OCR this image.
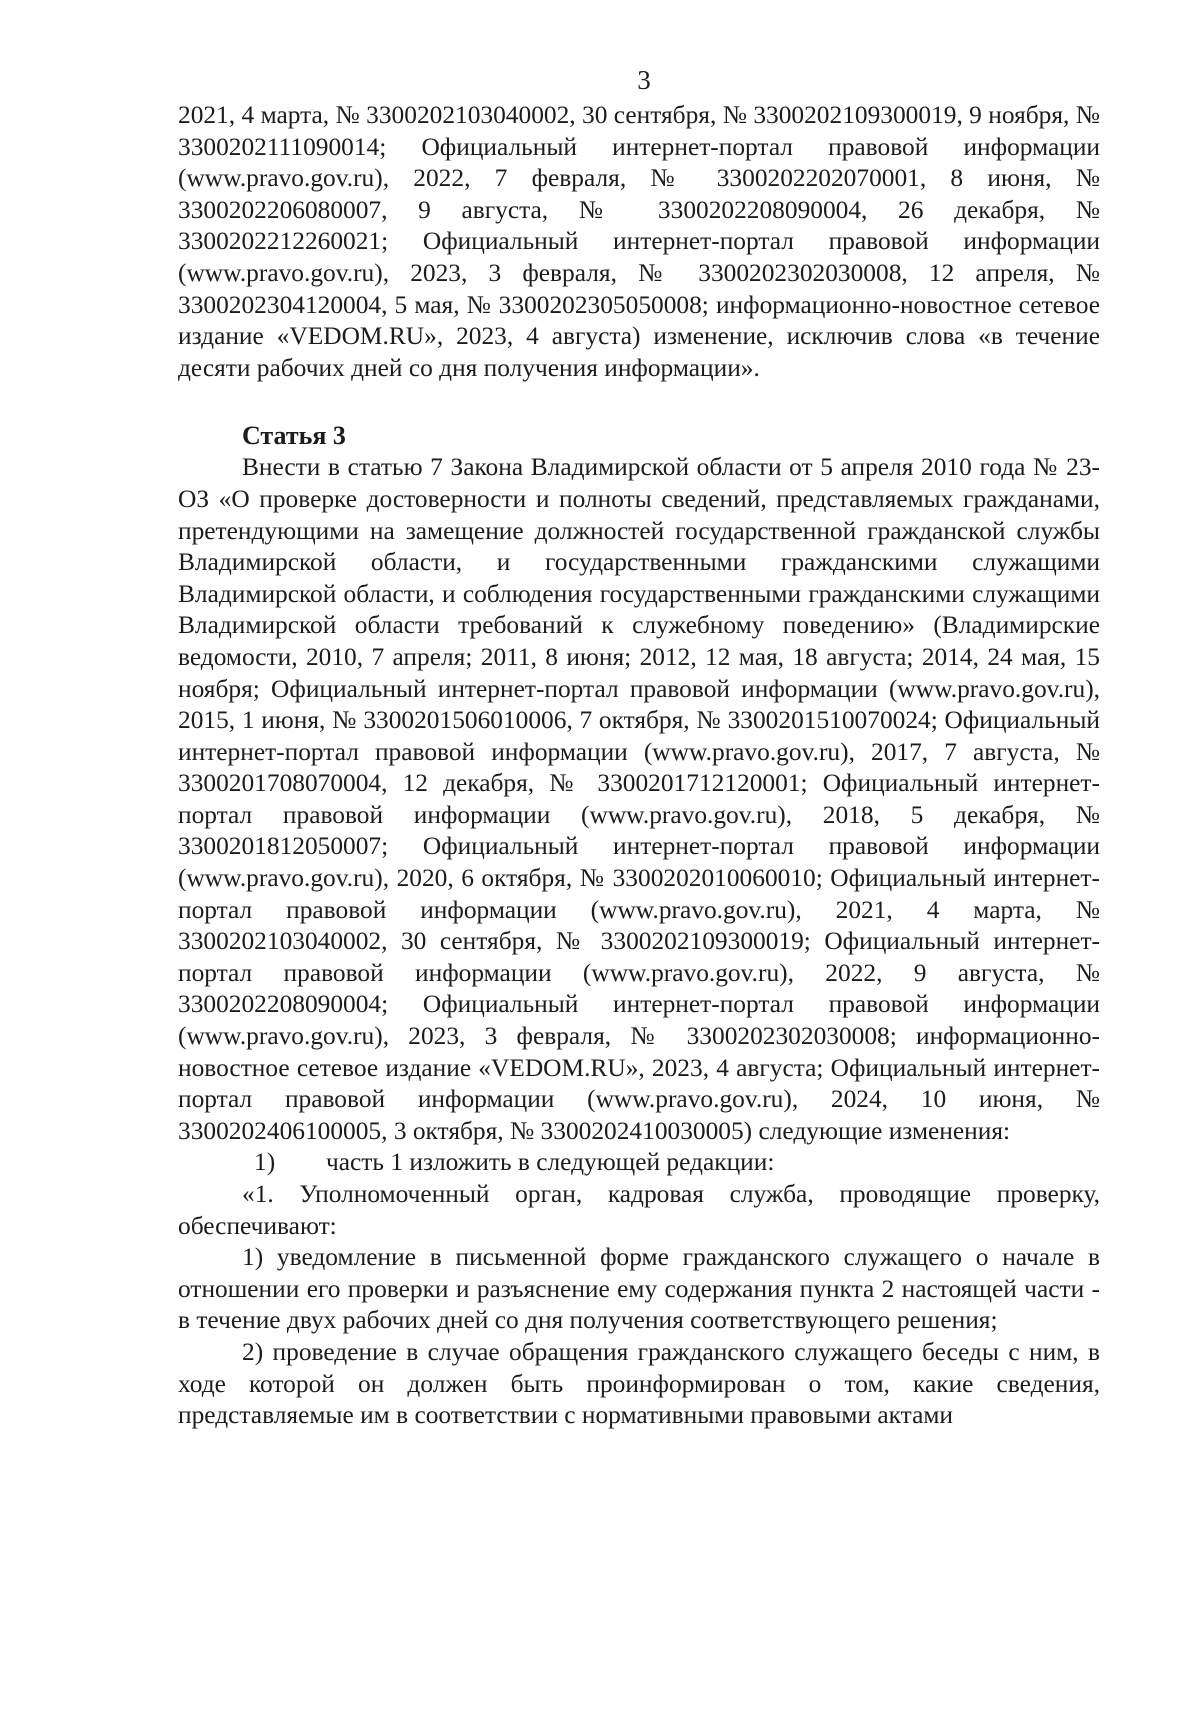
3

2021, 4 марта, № 3300202103040002, 30 сентября, № 3300202109300019, 9 ноября, № 3300202111090014; Официальный интернет-портал правовой информации (www.pravo.gov.ru), 2022, 7 февраля, № 3300202202070001, 8 июня, № 3300202206080007, 9 августа, № 3300202208090004, 26 декабря, № 3300202212260021; Официальный интернет-портал правовой информации (www.pravo.gov.ru), 2023, 3 февраля, № 3300202302030008, 12 апреля, № 3300202304120004, 5 мая, № 3300202305050008; информационно-новостное сетевое издание «VEDOM.RU», 2023, 4 августа) изменение, исключив слова «в течение десяти рабочих дней со дня получения информации».

Статья 3

Внести в статью 7 Закона Владимирской области от 5 апреля 2010 года № 23-ОЗ «О проверке достоверности и полноты сведений, представляемых гражданами, претендующими на замещение должностей государственной гражданской службы Владимирской области, и государственными гражданскими служащими Владимирской области, и соблюдения государственными гражданскими служащими Владимирской области требований к служебному поведению» (Владимирские ведомости, 2010, 7 апреля; 2011, 8 июня; 2012, 12 мая, 18 августа; 2014, 24 мая, 15 ноября; Официальный интернет-портал правовой информации (www.pravo.gov.ru), 2015, 1 июня, № 3300201506010006, 7 октября, № 3300201510070024; Официальный интернет-портал правовой информации (www.pravo.gov.ru), 2017, 7 августа, № 3300201708070004, 12 декабря, № 3300201712120001; Официальный интернет-портал правовой информации (www.pravo.gov.ru), 2018, 5 декабря, № 3300201812050007; Официальный интернет-портал правовой информации (www.pravo.gov.ru), 2020, 6 октября, № 3300202010060010; Официальный интернет-портал правовой информации (www.pravo.gov.ru), 2021, 4 марта, № 3300202103040002, 30 сентября, № 3300202109300019; Официальный интернет-портал правовой информации (www.pravo.gov.ru), 2022, 9 августа, № 3300202208090004; Официальный интернет-портал правовой информации (www.pravo.gov.ru), 2023, 3 февраля, № 3300202302030008; информационно-новостное сетевое издание «VEDOM.RU», 2023, 4 августа; Официальный интернет-портал правовой информации (www.pravo.gov.ru), 2024, 10 июня, № 3300202406100005, 3 октября, № 3300202410030005) следующие изменения:

1) часть 1 изложить в следующей редакции:

«1. Уполномоченный орган, кадровая служба, проводящие проверку, обеспечивают:

1) уведомление в письменной форме гражданского служащего о начале в отношении его проверки и разъяснение ему содержания пункта 2 настоящей части - в течение двух рабочих дней со дня получения соответствующего решения;

2) проведение в случае обращения гражданского служащего беседы с ним, в ходе которой он должен быть проинформирован о том, какие сведения, представляемые им в соответствии с нормативными правовыми актами
